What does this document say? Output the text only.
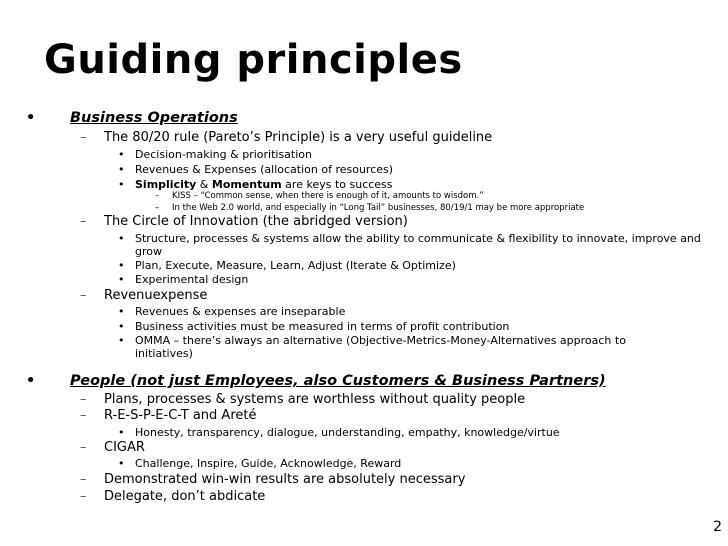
Guiding principles
• Business Operations
– The 80/20 rule (Pareto’s Principle) is a very useful guideline
• Decision-making & prioritisation
• Revenues & Expenses (allocation of resources)
• Simplicity & Momentum are keys to success
– KISS – “Common sense, when there is enough of it, amounts to wisdom.”
– In the Web 2.0 world, and especially in “Long Tail” businesses, 80/19/1 may be more appropriate
– The Circle of Innovation (the abridged version)
• Structure, processes & systems allow the ability to communicate & flexibility to innovate, improve and grow
• Plan, Execute, Measure, Learn, Adjust (Iterate & Optimize)
• Experimental design
– Revenuexpense
• Revenues & expenses are inseparable
• Business activities must be measured in terms of profit contribution
• OMMA – there’s always an alternative (Objective-Metrics-Money-Alternatives approach to initiatives)
• People (not just Employees, also Customers & Business Partners)
– Plans, processes & systems are worthless without quality people
– R-E-S-P-E-C-T and Areté
• Honesty, transparency, dialogue, understanding, empathy, knowledge/virtue
– CIGAR
• Challenge, Inspire, Guide, Acknowledge, Reward
– Demonstrated win-win results are absolutely necessary
– Delegate, don’t abdicate
2
